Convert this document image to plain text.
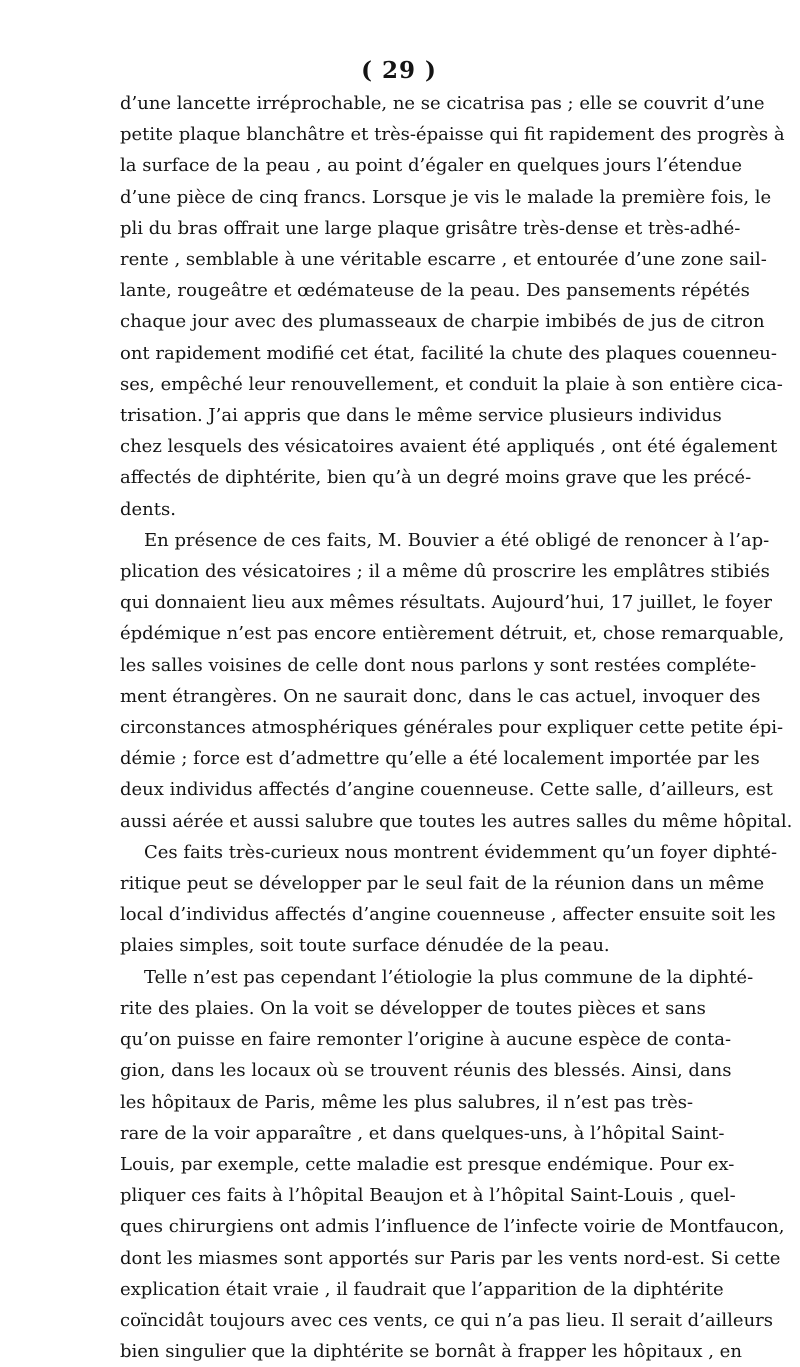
( 29 )
d’une lancette irréprochable, ne se cicatrisa pas ; elle se couvrit d’une
petite plaque blanchâtre et très-épaisse qui fit rapidement des progrès à
la surface de la peau , au point d’égaler en quelques jours l’étendue
d’une pièce de cinq francs. Lorsque je vis le malade la première fois, le
pli du bras offrait une large plaque grisâtre très-dense et très-adhé-
rente , semblable à une véritable escarre , et entourée d’une zone sail-
lante, rougeâtre et œdémateuse de la peau. Des pansements répétés
chaque jour avec des plumasseaux de charpie imbibés de jus de citron
ont rapidement modifié cet état, facilité la chute des plaques couenneu-
ses, empêché leur renouvellement, et conduit la plaie à son entière cica-
trisation. J’ai appris que dans le même service plusieurs individus
chez lesquels des vésicatoires avaient été appliqués , ont été également
affectés de diphtérite, bien qu’à un degré moins grave que les précé-
dents.
En présence de ces faits, M. Bouvier a été obligé de renoncer à l’ap-
plication des vésicatoires ; il a même dû proscrire les emplâtres stibiés
qui donnaient lieu aux mêmes résultats. Aujourd’hui, 17 juillet, le foyer
épdémique n’est pas encore entièrement détruit, et, chose remarquable,
les salles voisines de celle dont nous parlons y sont restées compléte-
ment étrangères. On ne saurait donc, dans le cas actuel, invoquer des
circonstances atmosphériques générales pour expliquer cette petite épi-
démie ; force est d’admettre qu’elle a été localement importée par les
deux individus affectés d’angine couenneuse. Cette salle, d’ailleurs, est
aussi aérée et aussi salubre que toutes les autres salles du même hôpital.
Ces faits très-curieux nous montrent évidemment qu’un foyer diphté-
ritique peut se développer par le seul fait de la réunion dans un même
local d’individus affectés d’angine couenneuse , affecter ensuite soit les
plaies simples, soit toute surface dénudée de la peau.
Telle n’est pas cependant l’étiologie la plus commune de la diphté-
rite des plaies. On la voit se développer de toutes pièces et sans
qu’on puisse en faire remonter l’origine à aucune espèce de conta-
gion, dans les locaux où se trouvent réunis des blessés. Ainsi, dans
les hôpitaux de Paris, même les plus salubres, il n’est pas très-
rare de la voir apparaître , et dans quelques-uns, à l’hôpital Saint-
Louis, par exemple, cette maladie est presque endémique. Pour ex-
pliquer ces faits à l’hôpital Beaujon et à l’hôpital Saint-Louis , quel-
ques chirurgiens ont admis l’influence de l’infecte voirie de Montfaucon,
dont les miasmes sont apportés sur Paris par les vents nord-est. Si cette
explication était vraie , il faudrait que l’apparition de la diphtérite
coïncidât toujours avec ces vents, ce qui n’a pas lieu. Il serait d’ailleurs
bien singulier que la diphtérite se bornât à frapper les hôpitaux , en
